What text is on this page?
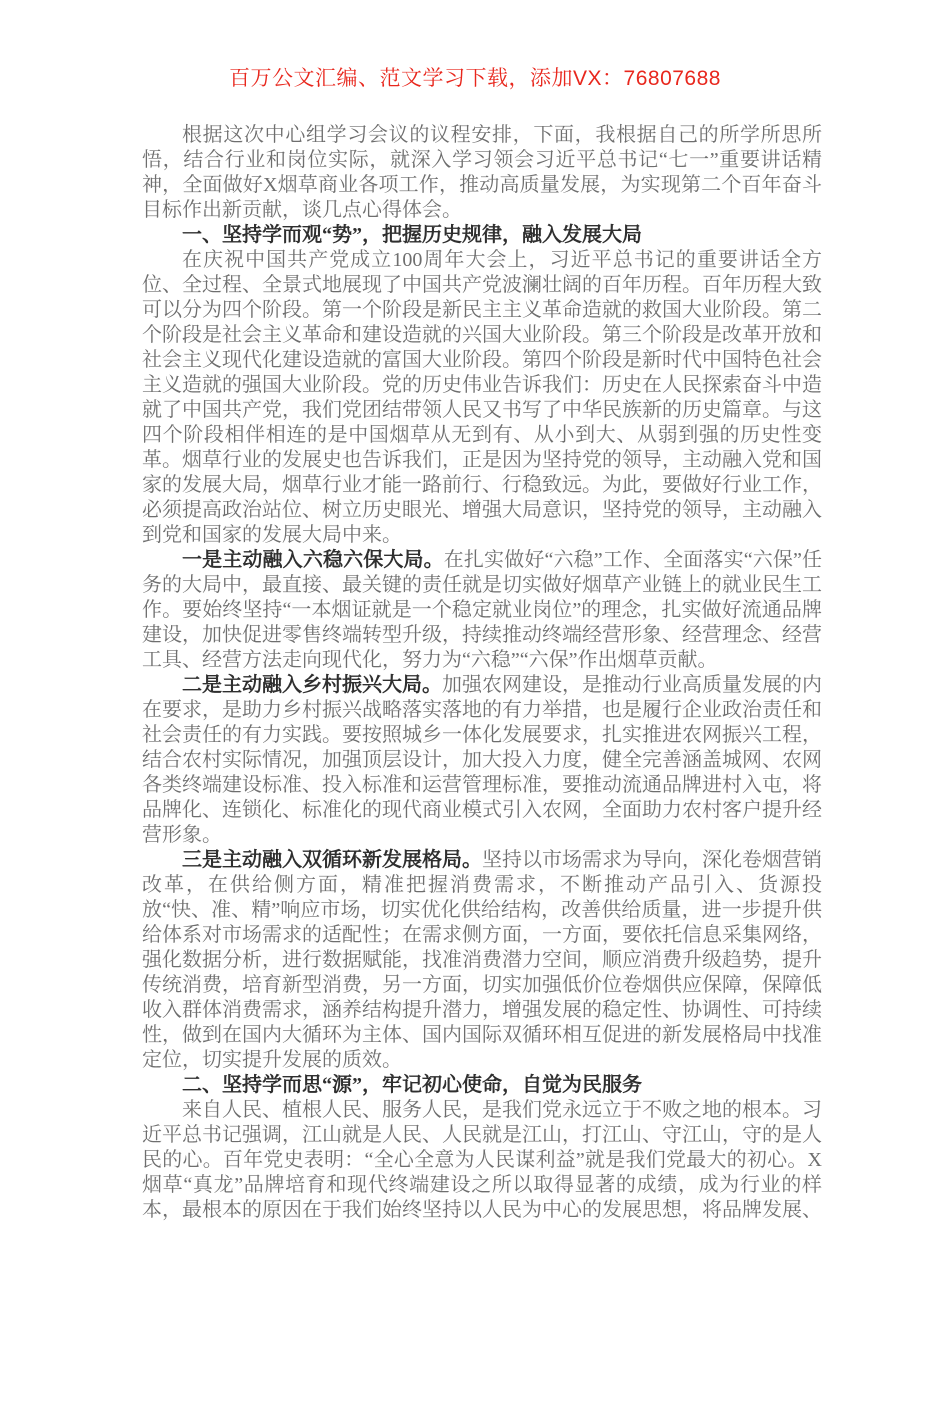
百万公文汇编、范文学习下载，添加VX：76807688

根据这次中心组学习会议的议程安排，下面，我根据自己的所学所思所悟，结合行业和岗位实际，就深入学习领会习近平总书记“七一”重要讲话精神，全面做好X烟草商业各项工作，推动高质量发展，为实现第二个百年奋斗目标作出新贡献，谈几点心得体会。

一、坚持学而观“势”，把握历史规律，融入发展大局

在庆祝中国共产党成立100周年大会上，习近平总书记的重要讲话全方位、全过程、全景式地展现了中国共产党波澜壮阔的百年历程。百年历程大致可以分为四个阶段。第一个阶段是新民主主义革命造就的救国大业阶段。第二个阶段是社会主义革命和建设造就的兴国大业阶段。第三个阶段是改革开放和社会主义现代化建设造就的富国大业阶段。第四个阶段是新时代中国特色社会主义造就的强国大业阶段。党的历史伟业告诉我们：历史在人民探索奋斗中造就了中国共产党，我们党团结带领人民又书写了中华民族新的历史篇章。与这四个阶段相伴相连的是中国烟草从无到有、从小到大、从弱到强的历史性变革。烟草行业的发展史也告诉我们，正是因为坚持党的领导，主动融入党和国家的发展大局，烟草行业才能一路前行、行稳致远。为此，要做好行业工作，必须提高政治站位、树立历史眼光、增强大局意识，坚持党的领导，主动融入到党和国家的发展大局中来。

一是主动融入六稳六保大局。在扎实做好“六稳”工作、全面落实“六保”任务的大局中，最直接、最关键的责任就是切实做好烟草产业链上的就业民生工作。要始终坚持“一本烟证就是一个稳定就业岗位”的理念，扎实做好流通品牌建设，加快促进零售终端转型升级，持续推动终端经营形象、经营理念、经营工具、经营方法走向现代化，努力为“六稳”“六保”作出烟草贡献。

二是主动融入乡村振兴大局。加强农网建设，是推动行业高质量发展的内在要求，是助力乡村振兴战略落实落地的有力举措，也是履行企业政治责任和社会责任的有力实践。要按照城乡一体化发展要求，扎实推进农网振兴工程，结合农村实际情况，加强顶层设计，加大投入力度，健全完善涵盖城网、农网各类终端建设标准、投入标准和运营管理标准，要推动流通品牌进村入屯，将品牌化、连锁化、标准化的现代商业模式引入农网，全面助力农村客户提升经营形象。

三是主动融入双循环新发展格局。坚持以市场需求为导向，深化卷烟营销改革，在供给侧方面，精准把握消费需求，不断推动产品引入、货源投放“快、准、精”响应市场，切实优化供给结构，改善供给质量，进一步提升供给体系对市场需求的适配性；在需求侧方面，一方面，要依托信息采集网络，强化数据分析，进行数据赋能，找准消费潜力空间，顺应消费升级趋势，提升传统消费，培育新型消费，另一方面，切实加强低价位卷烟供应保障，保障低收入群体消费需求，涵养结构提升潜力，增强发展的稳定性、协调性、可持续性，做到在国内大循环为主体、国内国际双循环相互促进的新发展格局中找准定位，切实提升发展的质效。

二、坚持学而思“源”，牢记初心使命，自觉为民服务

来自人民、植根人民、服务人民，是我们党永远立于不败之地的根本。习近平总书记强调，江山就是人民、人民就是江山，打江山、守江山，守的是人民的心。百年党史表明：“全心全意为人民谋利益”就是我们党最大的初心。X烟草“真龙”品牌培育和现代终端建设之所以取得显著的成绩，成为行业的样本，最根本的原因在于我们始终坚持以人民为中心的发展思想，将品牌发展、
